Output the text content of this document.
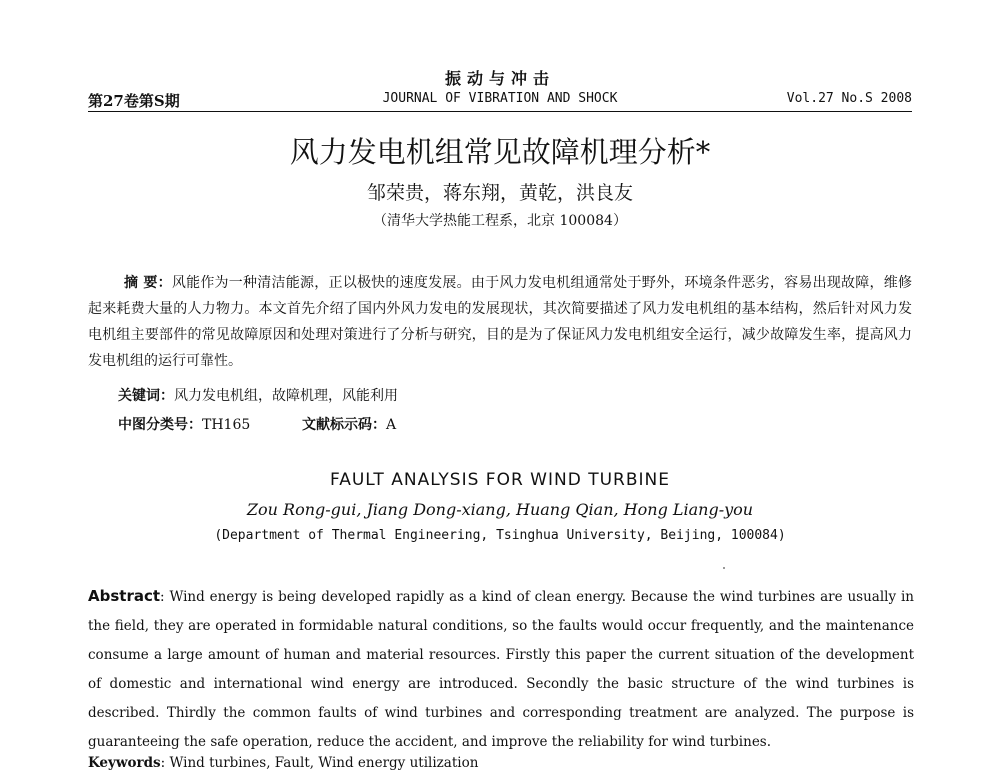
振动与冲击
第27卷第S期	JOURNAL OF VIBRATION AND SHOCK	Vol.27 No.S 2008
风力发电机组常见故障机理分析*
邹荣贵，蒋东翔，黄乾，洪良友
（清华大学热能工程系，北京 100084）

摘 要：风能作为一种清洁能源，正以极快的速度发展。由于风力发电机组通常处于野外，环境条件恶劣，容易出现故障，维修起来耗费大量的人力物力。本文首先介绍了国内外风力发电的发展现状，其次简要描述了风力发电机组的基本结构，然后针对风力发电机组主要部件的常见故障原因和处理对策进行了分析与研究，目的是为了保证风力发电机组安全运行，减少故障发生率，提高风力发电机组的运行可靠性。

关键词：风力发电机组，故障机理，风能利用
中图分类号：TH165	文献标示码：A
FAULT ANALYSIS FOR WIND TURBINE
Zou Rong-gui, Jiang Dong-xiang, Huang Qian, Hong Liang-you
(Department of Thermal Engineering, Tsinghua University, Beijing, 100084)

Abstract: Wind energy is being developed rapidly as a kind of clean energy. Because the wind turbines are usually in the field, they are operated in formidable natural conditions, so the faults would occur frequently, and the maintenance consume a large amount of human and material resources. Firstly this paper the current situation of the development of domestic and international wind energy are introduced. Secondly the basic structure of the wind turbines is described. Thirdly the common faults of wind turbines and corresponding treatment are analyzed. The purpose is guaranteeing the safe operation, reduce the accident, and improve the reliability for wind turbines.

Keywords: Wind turbines, Fault, Wind energy utilization
